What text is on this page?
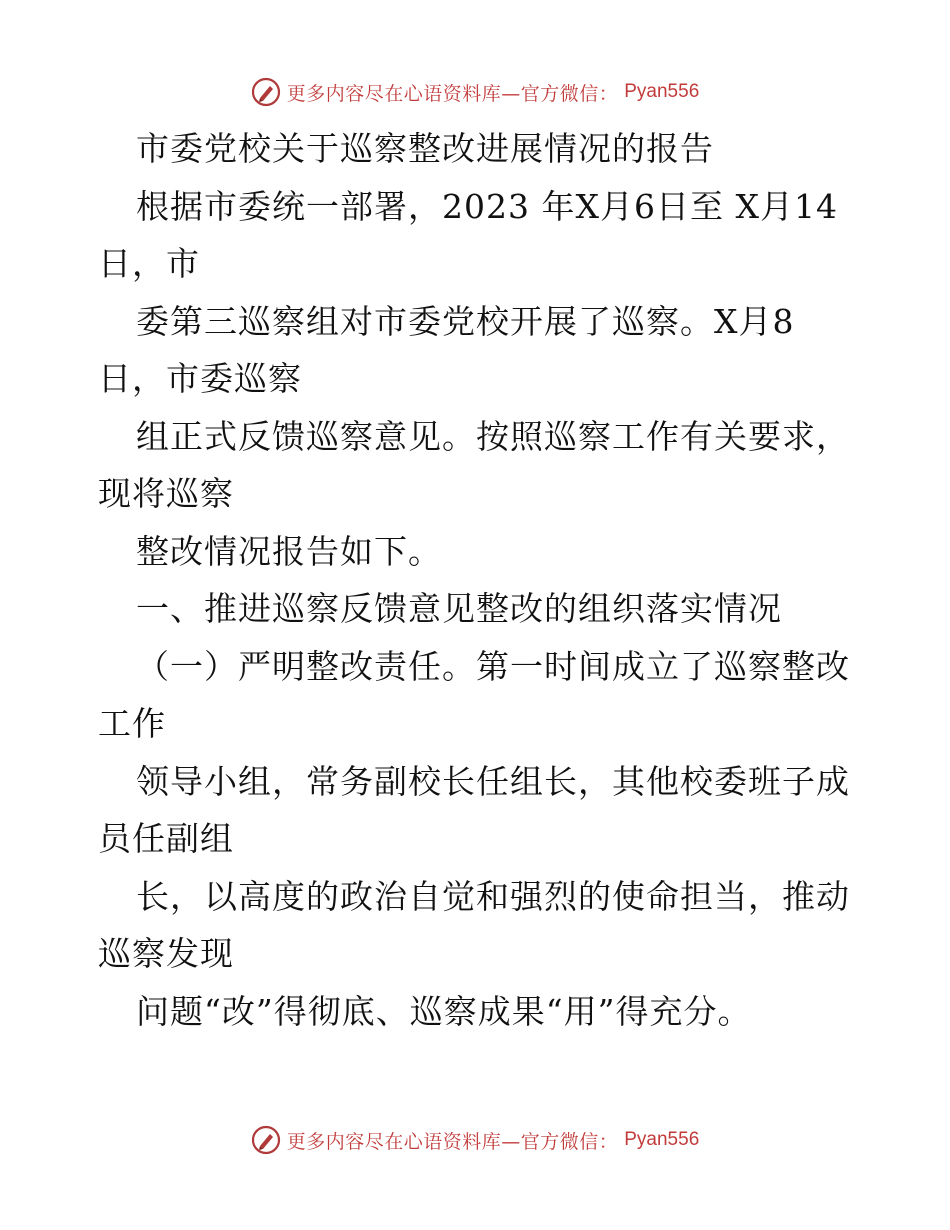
更多内容尽在心语资料库—官方微信： Pyan556
市委党校关于巡察整改进展情况的报告
根据市委统一部署，2023 年X月6日至 X月14
日，市
委第三巡察组对市委党校开展了巡察。X月8
日，市委巡察
组正式反馈巡察意见。按照巡察工作有关要求，
现将巡察
整改情况报告如下。
一、推进巡察反馈意见整改的组织落实情况
（一）严明整改责任。第一时间成立了巡察整改
工作
领导小组，常务副校长任组长，其他校委班子成
员任副组
长，以高度的政治自觉和强烈的使命担当，推动
巡察发现
问题“改”得彻底、巡察成果“用”得充分。
更多内容尽在心语资料库—官方微信： Pyan556
